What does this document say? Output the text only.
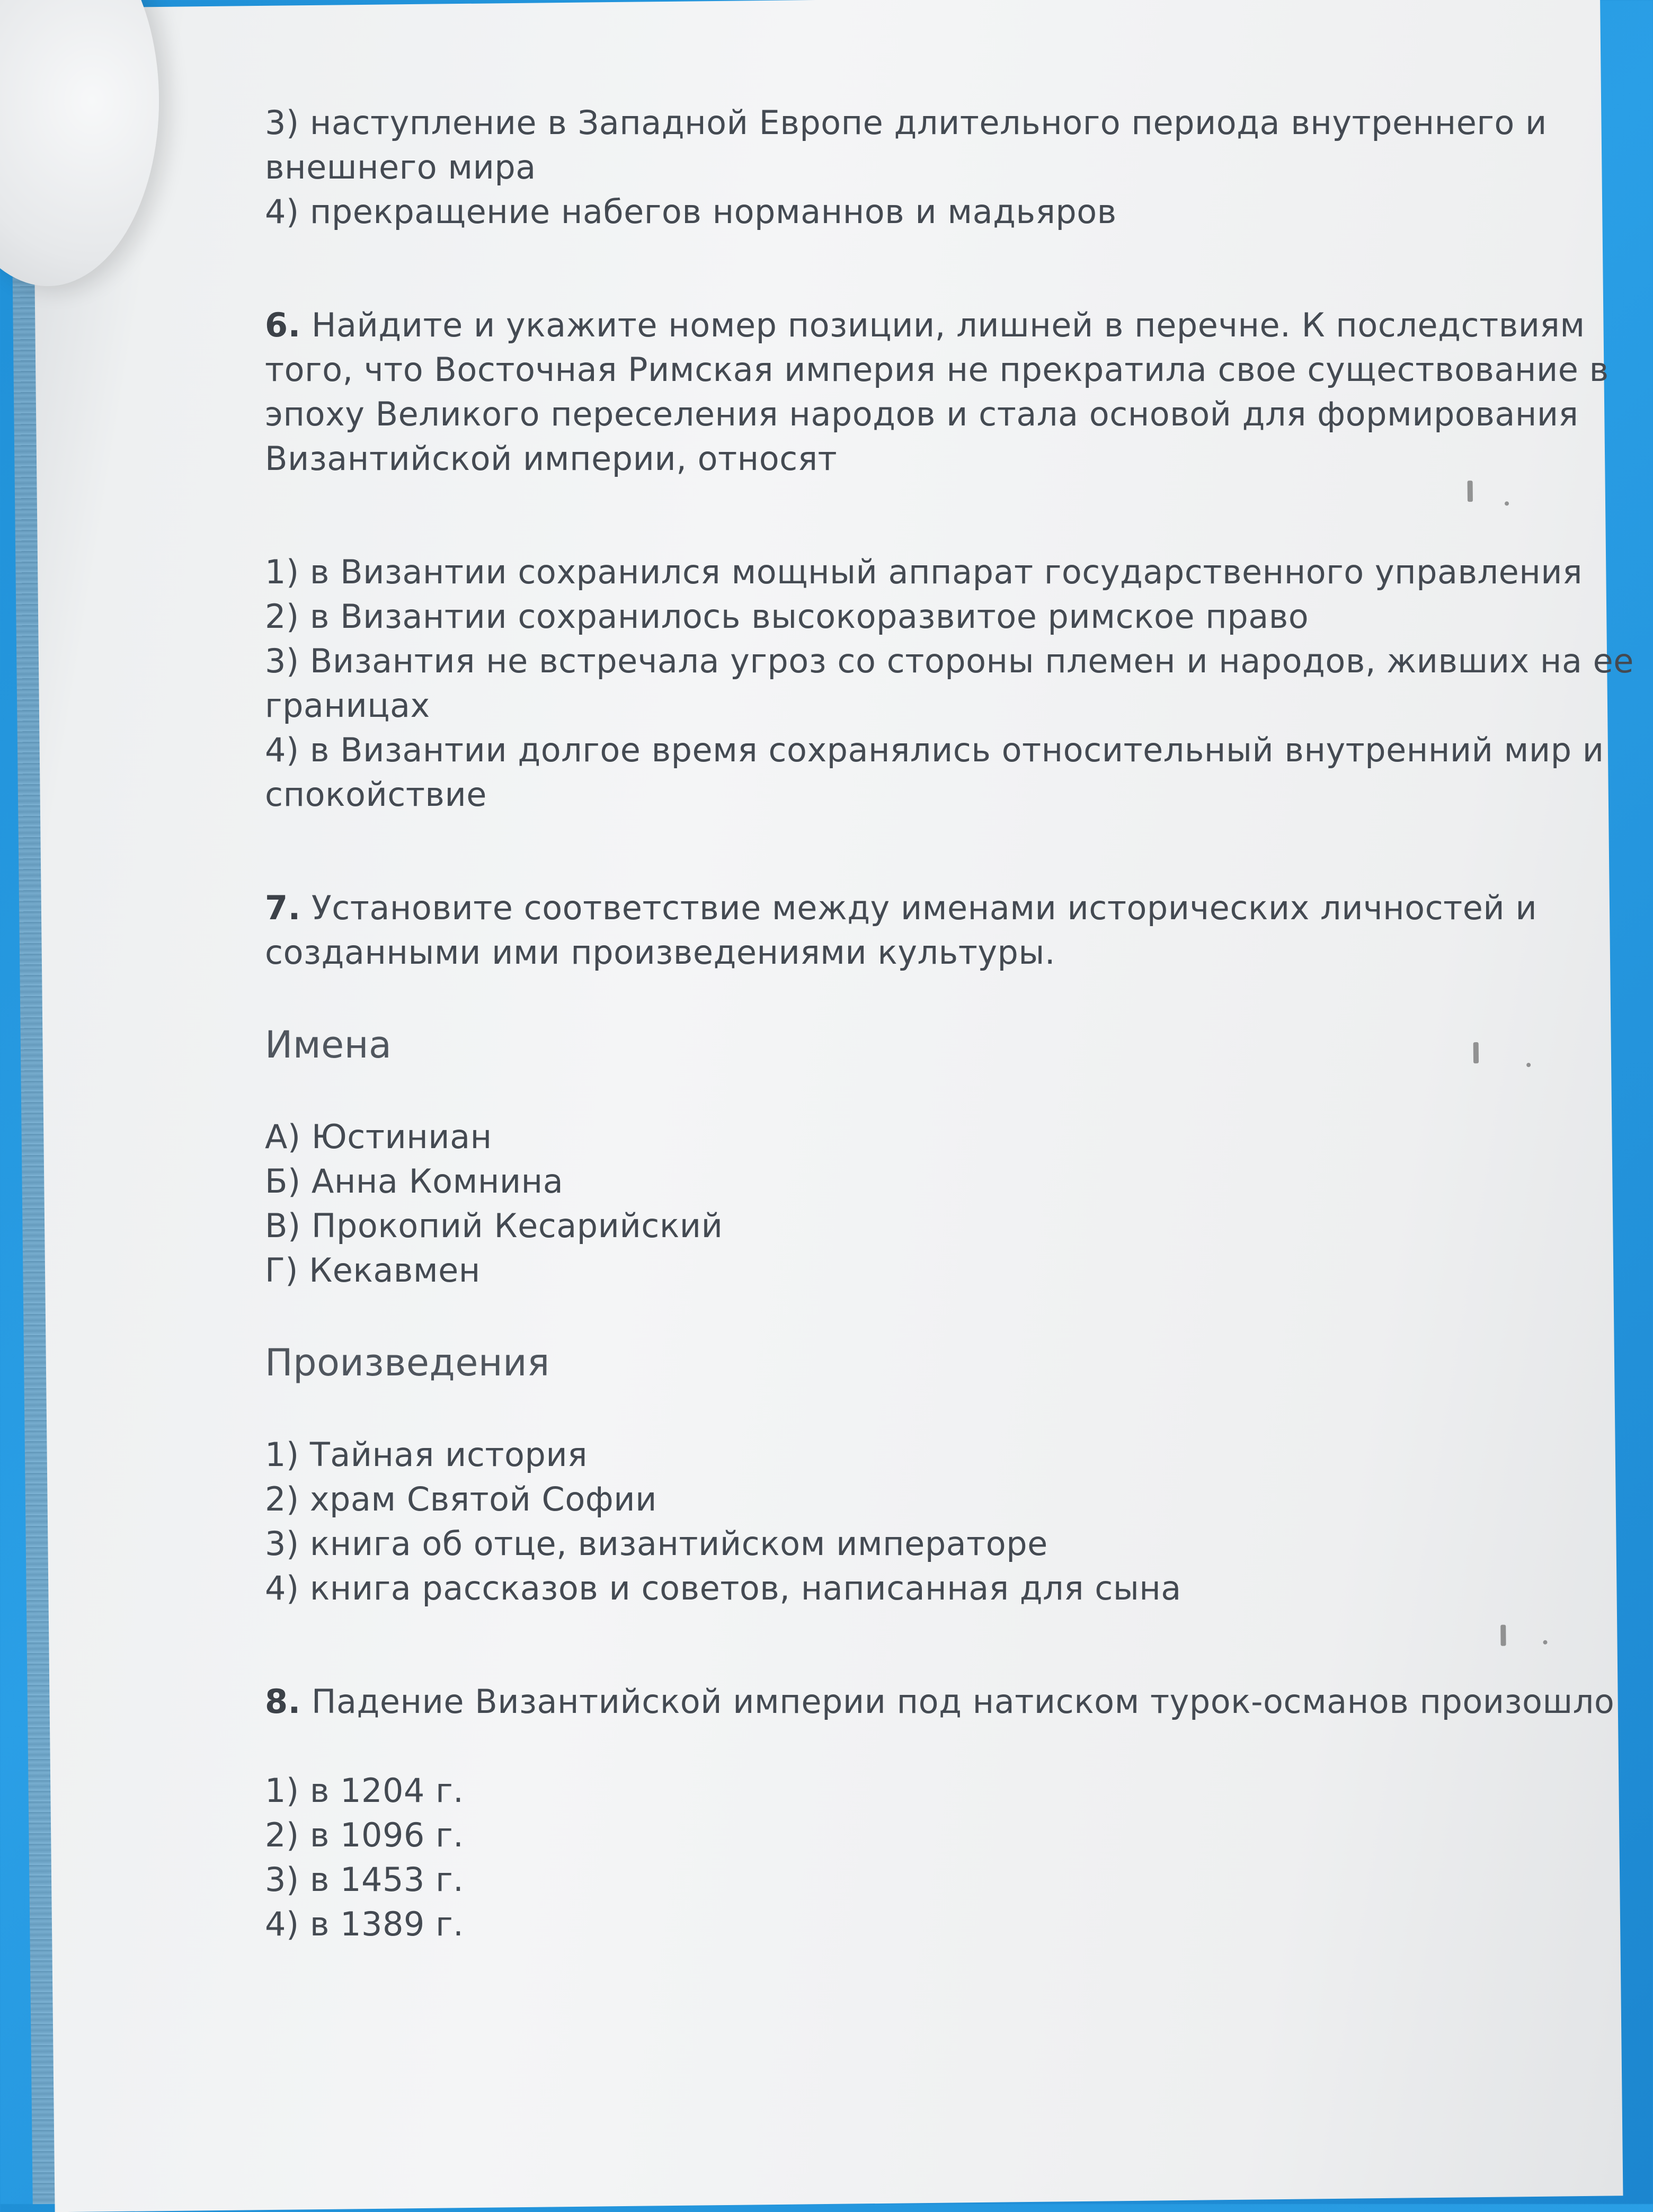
3) наступление в Западной Европе длительного периода внутреннего и
внешнего мира
4) прекращение набегов норманнов и мадьяров
6. Найдите и укажите номер позиции, лишней в перечне. К последствиям
того, что Восточная Римская империя не прекратила свое существование в
эпоху Великого переселения народов и стала основой для формирования
Византийской империи, относят
1) в Византии сохранился мощный аппарат государственного управления
2) в Византии сохранилось высокоразвитое римское право
3) Византия не встречала угроз со стороны племен и народов, живших на ее
границах
4) в Византии долгое время сохранялись относительный внутренний мир и
спокойствие
7. Установите соответствие между именами исторических личностей и
созданными ими произведениями культуры.
Имена
А) Юстиниан
Б) Анна Комнина
В) Прокопий Кесарийский
Г) Кекавмен
Произведения
1) Тайная история
2) храм Святой Софии
3) книга об отце, византийском императоре
4) книга рассказов и советов, написанная для сына
8. Падение Византийской империи под натиском турок-османов произошло
1) в 1204 г.
2) в 1096 г.
3) в 1453 г.
4) в 1389 г.
